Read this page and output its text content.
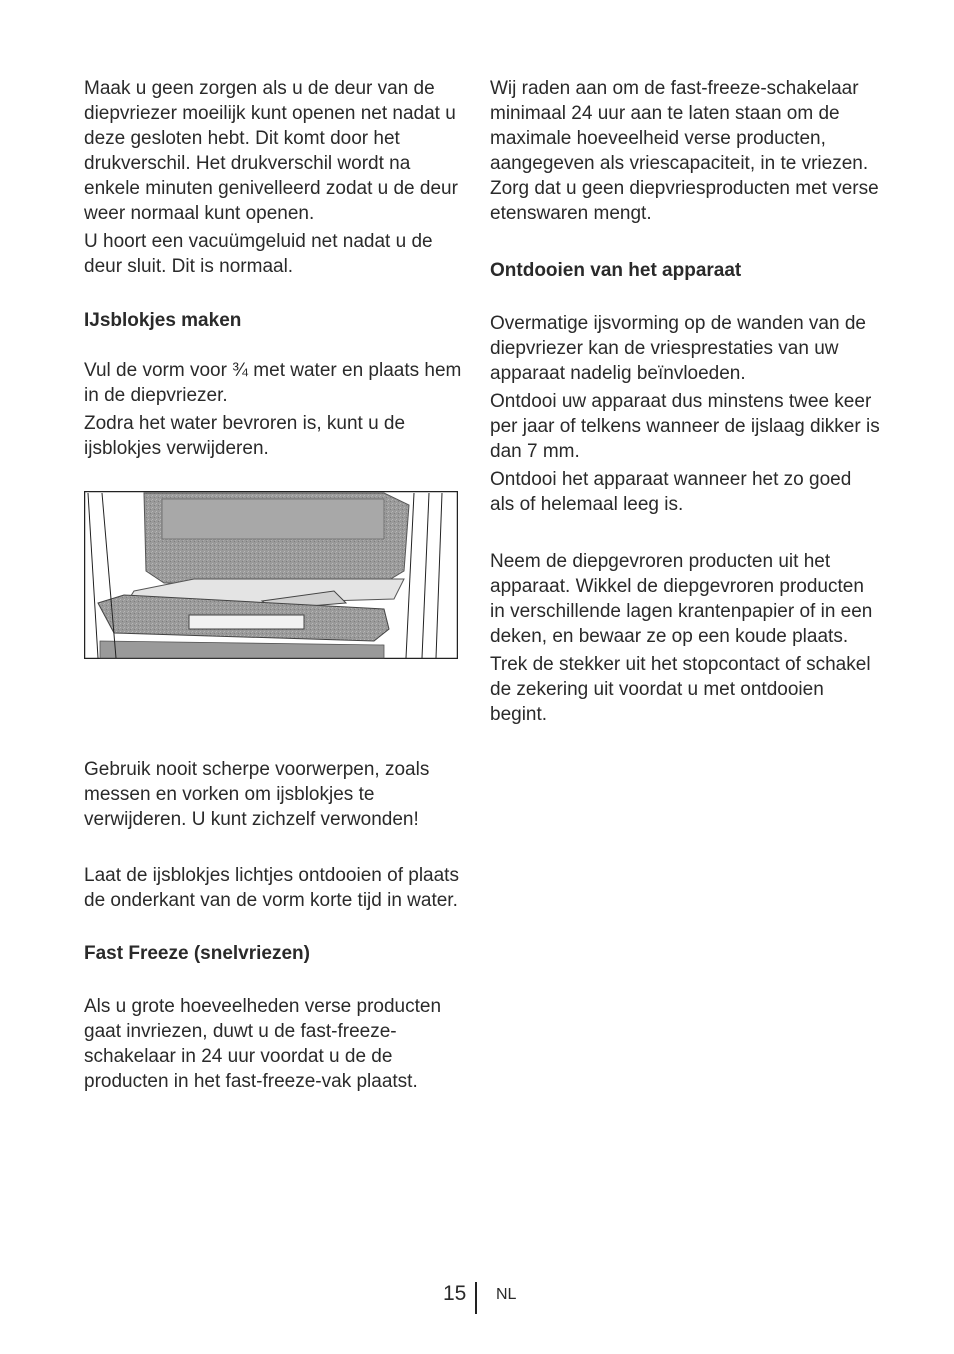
Maak u geen zorgen als u de deur van de diepvriezer moeilijk kunt openen net nadat u deze gesloten hebt. Dit komt door het drukverschil. Het drukverschil wordt na enkele minuten genivelleerd zodat u de deur weer normaal kunt openen.

U hoort een vacuümgeluid net nadat u de deur sluit. Dit is normaal.

IJsblokjes maken

Vul de vorm voor ¾ met water en plaats hem in de diepvriezer.

Zodra het water bevroren is, kunt u de ijsblokjes verwijderen.

Gebruik nooit scherpe voorwerpen, zoals messen en vorken om ijsblokjes te verwijderen. U kunt zichzelf verwonden!

Laat de ijsblokjes lichtjes ontdooien of plaats de onderkant van de vorm korte tijd in water.

Fast Freeze (snelvriezen)

Als u grote hoeveelheden verse producten gaat invriezen, duwt u de fast-freeze-schakelaar in 24 uur voordat u de de producten in het fast-freeze-vak plaatst.

Wij raden aan om de fast-freeze-schakelaar minimaal 24 uur aan te laten staan om de maximale hoeveelheid verse producten, aangegeven als vriescapaciteit, in te vriezen. Zorg dat u geen diepvriesproducten met verse etenswaren mengt.

Ontdooien van het apparaat

Overmatige ijsvorming op de wanden van de diepvriezer kan de vriesprestaties van uw apparaat nadelig beïnvloeden.

Ontdooi uw apparaat dus minstens twee keer per jaar of telkens wanneer de ijslaag dikker is dan 7 mm.

Ontdooi het apparaat wanneer het zo goed als of helemaal leeg is.

Neem de diepgevroren producten uit het apparaat. Wikkel de diepgevroren producten in verschillende lagen krantenpapier of in een deken, en bewaar ze op een koude plaats.

Trek de stekker uit het stopcontact of schakel de zekering uit voordat u met ontdooien begint.

15 NL
